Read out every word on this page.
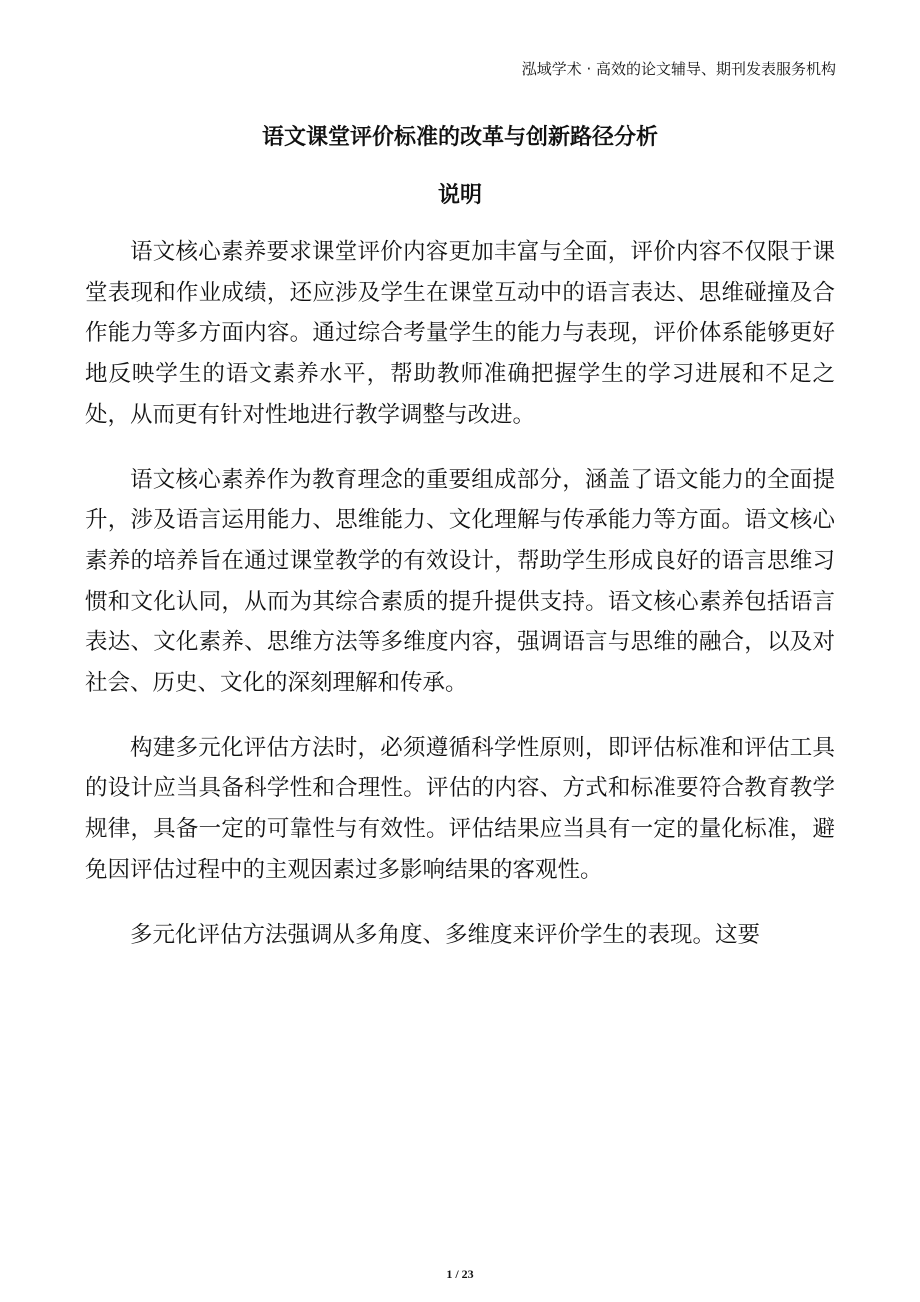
泓域学术 · 高效的论文辅导、期刊发表服务机构
语文课堂评价标准的改革与创新路径分析
说明

语文核心素养要求课堂评价内容更加丰富与全面，评价内容不仅限于课堂表现和作业成绩，还应涉及学生在课堂互动中的语言表达、思维碰撞及合作能力等多方面内容。通过综合考量学生的能力与表现，评价体系能够更好地反映学生的语文素养水平，帮助教师准确把握学生的学习进展和不足之处，从而更有针对性地进行教学调整与改进。

语文核心素养作为教育理念的重要组成部分，涵盖了语文能力的全面提升，涉及语言运用能力、思维能力、文化理解与传承能力等方面。语文核心素养的培养旨在通过课堂教学的有效设计，帮助学生形成良好的语言思维习惯和文化认同，从而为其综合素质的提升提供支持。语文核心素养包括语言表达、文化素养、思维方法等多维度内容，强调语言与思维的融合，以及对社会、历史、文化的深刻理解和传承。

构建多元化评估方法时，必须遵循科学性原则，即评估标准和评估工具的设计应当具备科学性和合理性。评估的内容、方式和标准要符合教育教学规律，具备一定的可靠性与有效性。评估结果应当具有一定的量化标准，避免因评估过程中的主观因素过多影响结果的客观性。

多元化评估方法强调从多角度、多维度来评价学生的表现。这要

1 / 23
